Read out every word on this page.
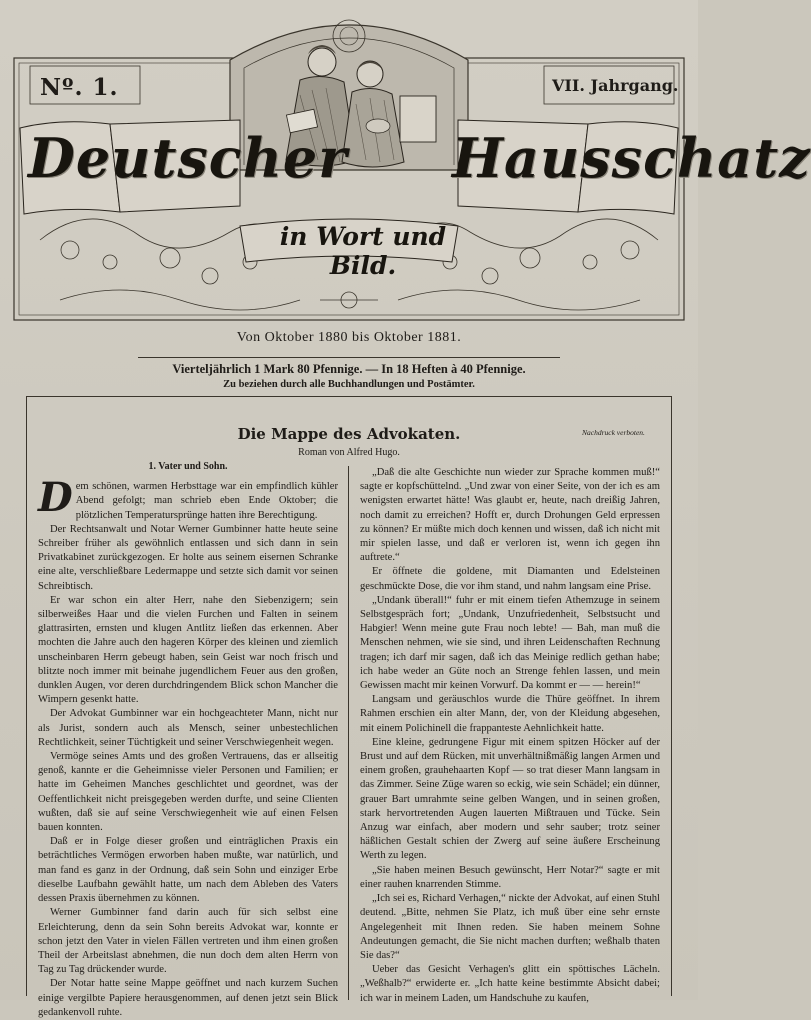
Nº. 1.	VII. Jahrgang.
Deutscher Hausschatz
in Wort und Bild.
Von Oktober 1880 bis Oktober 1881.
Vierteljährlich 1 Mark 80 Pfennige. — In 18 Heften à 40 Pfennige.
Zu beziehen durch alle Buchhandlungen und Postämter.
Die Mappe des Advokaten.	Nachdruck verboten.
Roman von Alfred Hugo.

1. Vater und Sohn.

Dem schönen, warmen Herbsttage war ein empfindlich kühler Abend gefolgt; man schrieb eben Ende Oktober; die plötzlichen Temperatursprünge hatten ihre Berechtigung.

Der Rechtsanwalt und Notar Werner Gumbinner hatte heute seine Schreiber früher als gewöhnlich entlassen und sich dann in sein Privatkabinet zurückgezogen. Er holte aus seinem eisernen Schranke eine alte, verschließbare Ledermappe und setzte sich damit vor seinen Schreibtisch.

Er war schon ein alter Herr, nahe den Siebenzigern; sein silberweißes Haar und die vielen Furchen und Falten in seinem glattrasirten, ernsten und klugen Antlitz ließen das erkennen. Aber mochten die Jahre auch den hageren Körper des kleinen und ziemlich unscheinbaren Herrn gebeugt haben, sein Geist war noch frisch und blitzte noch immer mit beinahe jugendlichem Feuer aus den großen, dunklen Augen, vor deren durchdringendem Blick schon Mancher die Wimpern gesenkt hatte.

Der Advokat Gumbinner war ein hochgeachteter Mann, nicht nur als Jurist, sondern auch als Mensch, seiner unbestechlichen Rechtlichkeit, seiner Tüchtigkeit und seiner Verschwiegenheit wegen.

Vermöge seines Amts und des großen Vertrauens, das er allseitig genoß, kannte er die Geheimnisse vieler Personen und Familien; er hatte im Geheimen Manches geschlichtet und geordnet, was der Oeffentlichkeit nicht preisgegeben werden durfte, und seine Clienten wußten, daß sie auf seine Verschwiegenheit wie auf einen Felsen bauen konnten.

Daß er in Folge dieser großen und einträglichen Praxis ein beträchtliches Vermögen erworben haben mußte, war natürlich, und man fand es ganz in der Ordnung, daß sein Sohn und einziger Erbe dieselbe Laufbahn gewählt hatte, um nach dem Ableben des Vaters dessen Praxis übernehmen zu können.

Werner Gumbinner fand darin auch für sich selbst eine Erleichterung, denn da sein Sohn bereits Advokat war, konnte er schon jetzt den Vater in vielen Fällen vertreten und ihm einen großen Theil der Arbeitslast abnehmen, die nun doch dem alten Herrn von Tag zu Tag drückender wurde.

Der Notar hatte seine Mappe geöffnet und nach kurzem Suchen einige vergilbte Papiere herausgenommen, auf denen jetzt sein Blick gedankenvoll ruhte.

„Daß die alte Geschichte nun wieder zur Sprache kommen muß!“ sagte er kopfschüttelnd. „Und zwar von einer Seite, von der ich es am wenigsten erwartet hätte! Was glaubt er, heute, nach dreißig Jahren, noch damit zu erreichen? Hofft er, durch Drohungen Geld erpressen zu können? Er müßte mich doch kennen und wissen, daß ich nicht mit mir spielen lasse, und daß er verloren ist, wenn ich gegen ihn auftrete.“

Er öffnete die goldene, mit Diamanten und Edelsteinen geschmückte Dose, die vor ihm stand, und nahm langsam eine Prise.

„Undank überall!“ fuhr er mit einem tiefen Athemzuge in seinem Selbstgespräch fort; „Undank, Unzufriedenheit, Selbstsucht und Habgier! Wenn meine gute Frau noch lebte! — Bah, man muß die Menschen nehmen, wie sie sind, und ihren Leidenschaften Rechnung tragen; ich darf mir sagen, daß ich das Meinige redlich gethan habe; ich habe weder an Güte noch an Strenge fehlen lassen, und mein Gewissen macht mir keinen Vorwurf. Da kommt er — — herein!“

Langsam und geräuschlos wurde die Thüre geöffnet. In ihrem Rahmen erschien ein alter Mann, der, von der Kleidung abgesehen, mit einem Polichinell die frappanteste Aehnlichkeit hatte.

Eine kleine, gedrungene Figur mit einem spitzen Höcker auf der Brust und auf dem Rücken, mit unverhältnißmäßig langen Armen und einem großen, grauhehaarten Kopf — so trat dieser Mann langsam in das Zimmer. Seine Züge waren so eckig, wie sein Schädel; ein dünner, grauer Bart umrahmte seine gelben Wangen, und in seinen großen, stark hervortretenden Augen lauerten Mißtrauen und Tücke. Sein Anzug war einfach, aber modern und sehr sauber; trotz seiner häßlichen Gestalt schien der Zwerg auf seine äußere Erscheinung Werth zu legen.

„Sie haben meinen Besuch gewünscht, Herr Notar?“ sagte er mit einer rauhen knarrenden Stimme.

„Ich sei es, Richard Verhagen,“ nickte der Advokat, auf einen Stuhl deutend. „Bitte, nehmen Sie Platz, ich muß über eine sehr ernste Angelegenheit mit Ihnen reden. Sie haben meinem Sohne Andeutungen gemacht, die Sie nicht machen durften; weßhalb thaten Sie das?“

Ueber das Gesicht Verhagen's glitt ein spöttisches Lächeln. „Weßhalb?“ erwiderte er. „Ich hatte keine bestimmte Absicht dabei; ich war in meinem Laden, um Handschuhe zu kaufen,
